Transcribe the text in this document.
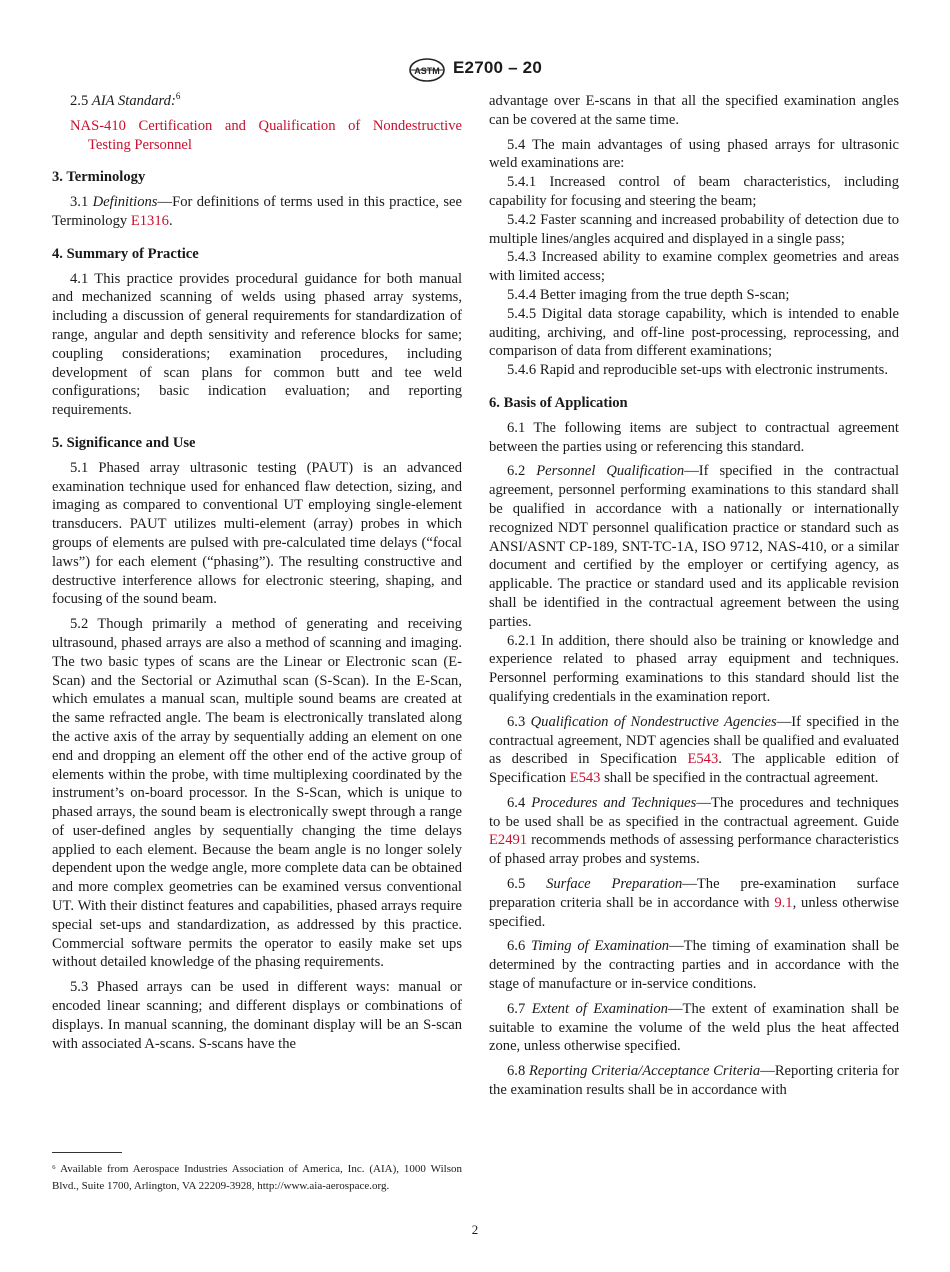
ASTM E2700 – 20

2.5 AIA Standard:$^6$

NAS-410 Certification and Qualification of Nondestructive Testing Personnel

3. Terminology

3.1 Definitions—For definitions of terms used in this practice, see Terminology E1316.

4. Summary of Practice

4.1 This practice provides procedural guidance for both manual and mechanized scanning of welds using phased array systems, including a discussion of general requirements for standardization of range, angular and depth sensitivity and reference blocks for same; coupling considerations; examination procedures, including development of scan plans for common butt and tee weld configurations; basic indication evaluation; and reporting requirements.

5. Significance and Use

5.1 Phased array ultrasonic testing (PAUT) is an advanced examination technique used for enhanced flaw detection, sizing, and imaging as compared to conventional UT employing single-element transducers. PAUT utilizes multi-element (array) probes in which groups of elements are pulsed with pre-calculated time delays (“focal laws”) for each element (“phasing”). The resulting constructive and destructive interference allows for electronic steering, shaping, and focusing of the sound beam.

5.2 Though primarily a method of generating and receiving ultrasound, phased arrays are also a method of scanning and imaging. The two basic types of scans are the Linear or Electronic scan (E-Scan) and the Sectorial or Azimuthal scan (S-Scan). In the E-Scan, which emulates a manual scan, multiple sound beams are created at the same refracted angle. The beam is electronically translated along the active axis of the array by sequentially adding an element on one end and dropping an element off the other end of the active group of elements within the probe, with time multiplexing coordinated by the instrument’s on-board processor. In the S-Scan, which is unique to phased arrays, the sound beam is electronically swept through a range of user-defined angles by sequentially changing the time delays applied to each element. Because the beam angle is no longer solely dependent upon the wedge angle, more complete data can be obtained and more complex geometries can be examined versus conventional UT. With their distinct features and capabilities, phased arrays require special set-ups and standardization, as addressed by this practice. Commercial software permits the operator to easily make set ups without detailed knowledge of the phasing requirements.

5.3 Phased arrays can be used in different ways: manual or encoded linear scanning; and different displays or combinations of displays. In manual scanning, the dominant display will be an S-scan with associated A-scans. S-scans have the

⁶ Available from Aerospace Industries Association of America, Inc. (AIA), 1000 Wilson Blvd., Suite 1700, Arlington, VA 22209-3928, http://www.aia-aerospace.org.

advantage over E-scans in that all the specified examination angles can be covered at the same time.

5.4 The main advantages of using phased arrays for ultrasonic weld examinations are:

5.4.1 Increased control of beam characteristics, including capability for focusing and steering the beam;

5.4.2 Faster scanning and increased probability of detection due to multiple lines/angles acquired and displayed in a single pass;

5.4.3 Increased ability to examine complex geometries and areas with limited access;

5.4.4 Better imaging from the true depth S-scan;

5.4.5 Digital data storage capability, which is intended to enable auditing, archiving, and off-line post-processing, reprocessing, and comparison of data from different examinations;

5.4.6 Rapid and reproducible set-ups with electronic instruments.

6. Basis of Application

6.1 The following items are subject to contractual agreement between the parties using or referencing this standard.

6.2 Personnel Qualification—If specified in the contractual agreement, personnel performing examinations to this standard shall be qualified in accordance with a nationally or internationally recognized NDT personnel qualification practice or standard such as ANSI/ASNT CP-189, SNT-TC-1A, ISO 9712, NAS-410, or a similar document and certified by the employer or certifying agency, as applicable. The practice or standard used and its applicable revision shall be identified in the contractual agreement between the using parties.

6.2.1 In addition, there should also be training or knowledge and experience related to phased array equipment and techniques. Personnel performing examinations to this standard should list the qualifying credentials in the examination report.

6.3 Qualification of Nondestructive Agencies—If specified in the contractual agreement, NDT agencies shall be qualified and evaluated as described in Specification E543. The applicable edition of Specification E543 shall be specified in the contractual agreement.

6.4 Procedures and Techniques—The procedures and techniques to be used shall be as specified in the contractual agreement. Guide E2491 recommends methods of assessing performance characteristics of phased array probes and systems.

6.5 Surface Preparation—The pre-examination surface preparation criteria shall be in accordance with 9.1, unless otherwise specified.

6.6 Timing of Examination—The timing of examination shall be determined by the contracting parties and in accordance with the stage of manufacture or in-service conditions.

6.7 Extent of Examination—The extent of examination shall be suitable to examine the volume of the weld plus the heat affected zone, unless otherwise specified.

6.8 Reporting Criteria/Acceptance Criteria—Reporting criteria for the examination results shall be in accordance with

2
